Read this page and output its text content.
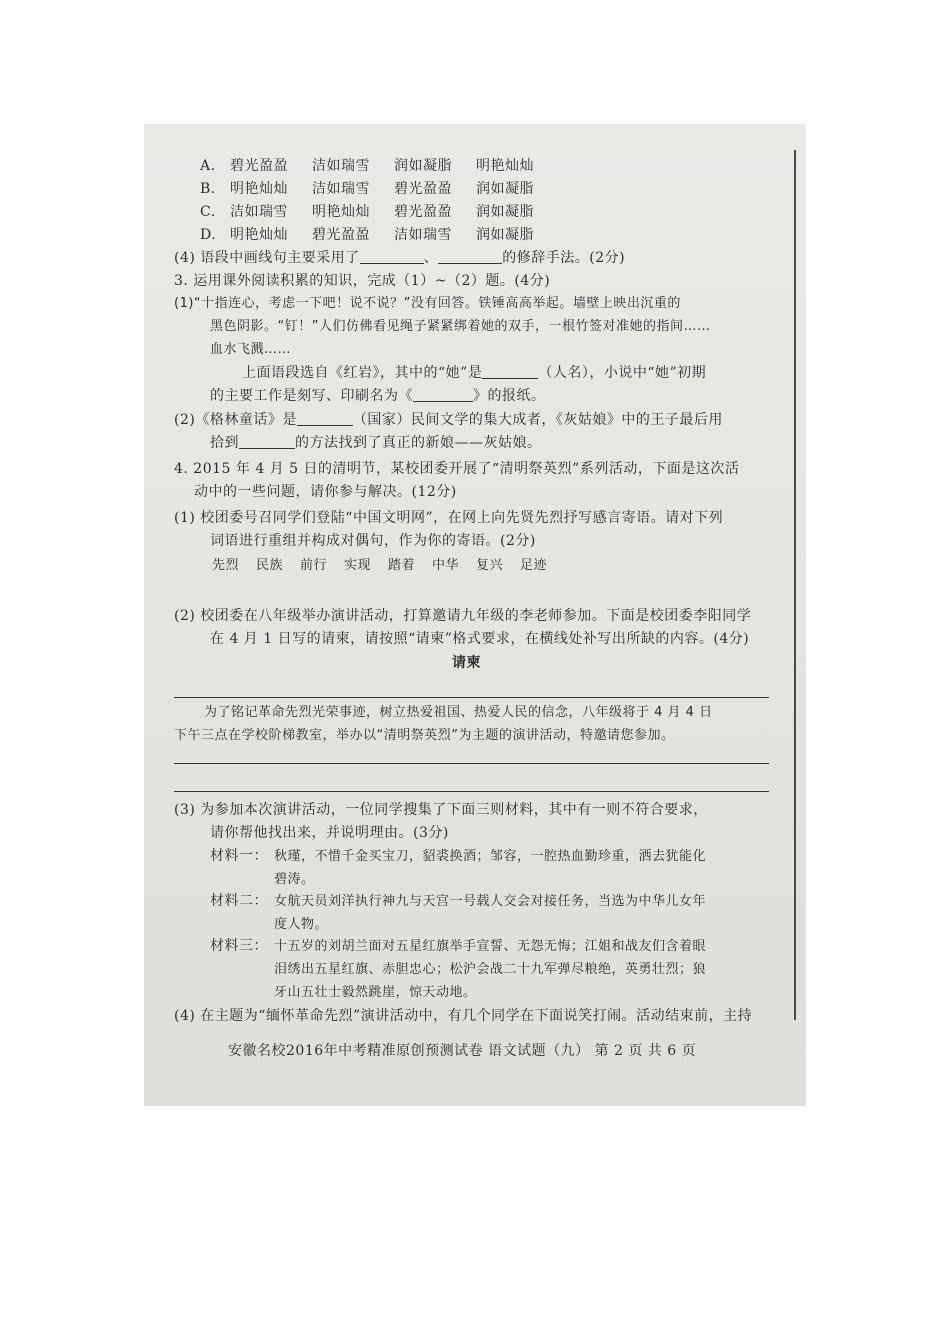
A. 碧光盈盈 洁如瑞雪 润如凝脂 明艳灿灿
B. 明艳灿灿 洁如瑞雪 碧光盈盈 润如凝脂
C. 洁如瑞雪 明艳灿灿 碧光盈盈 润如凝脂
D. 明艳灿灿 碧光盈盈 洁如瑞雪 润如凝脂
(4) 语段中画线句主要采用了	、	的修辞手法。(2分)
3. 运用课外阅读积累的知识，完成（1）~（2）题。(4分)
(1)“十指连心，考虑一下吧！说不说？”没有回答。铁锤高高举起。墙壁上映出沉重的
黑色阴影。“钉！”人们仿佛看见绳子紧紧绑着她的双手，一根竹签对准她的指间……
血水飞溅……
上面语段选自《红岩》，其中的“她”是	（人名），小说中“她”初期
的主要工作是刻写、印刷名为《	》的报纸。
(2)《格林童话》是	（国家）民间文学的集大成者，《灰姑娘》中的王子最后用
拾到	的方法找到了真正的新娘——灰姑娘。
4. 2015 年 4 月 5 日的清明节，某校团委开展了“清明祭英烈”系列活动，下面是这次活
动中的一些问题，请你参与解决。(12分)
(1) 校团委号召同学们登陆“中国文明网”，在网上向先贤先烈抒写感言寄语。请对下列
词语进行重组并构成对偶句，作为你的寄语。(2分)
先烈 民族 前行 实现 踏着 中华 复兴 足迹
(2) 校团委在八年级举办演讲活动，打算邀请九年级的李老师参加。下面是校团委李阳同学
在 4 月 1 日写的请柬，请按照“请柬”格式要求，在横线处补写出所缺的内容。(4分)
请柬
为了铭记革命先烈光荣事迹，树立热爱祖国、热爱人民的信念，八年级将于 4 月 4 日
下午三点在学校阶梯教室，举办以“清明祭英烈”为主题的演讲活动，特邀请您参加。
(3) 为参加本次演讲活动，一位同学搜集了下面三则材料，其中有一则不符合要求，
请你帮他找出来，并说明理由。(3分)
材料一： 秋瑾，不惜千金买宝刀，貂裘换酒；邹容，一腔热血勤珍重，洒去犹能化
碧涛。
材料二： 女航天员刘洋执行神九与天宫一号载人交会对接任务，当选为中华儿女年
度人物。
材料三： 十五岁的刘胡兰面对五星红旗举手宣誓、无怨无悔；江姐和战友们含着眼
泪绣出五星红旗、赤胆忠心；松沪会战二十九军弹尽粮绝，英勇壮烈；狼
牙山五壮士毅然跳崖，惊天动地。
(4) 在主题为“缅怀革命先烈”演讲活动中，有几个同学在下面说笑打闹。活动结束前，主持
安徽名校2016年中考精准原创预测试卷 语文试题（九） 第 2 页 共 6 页
